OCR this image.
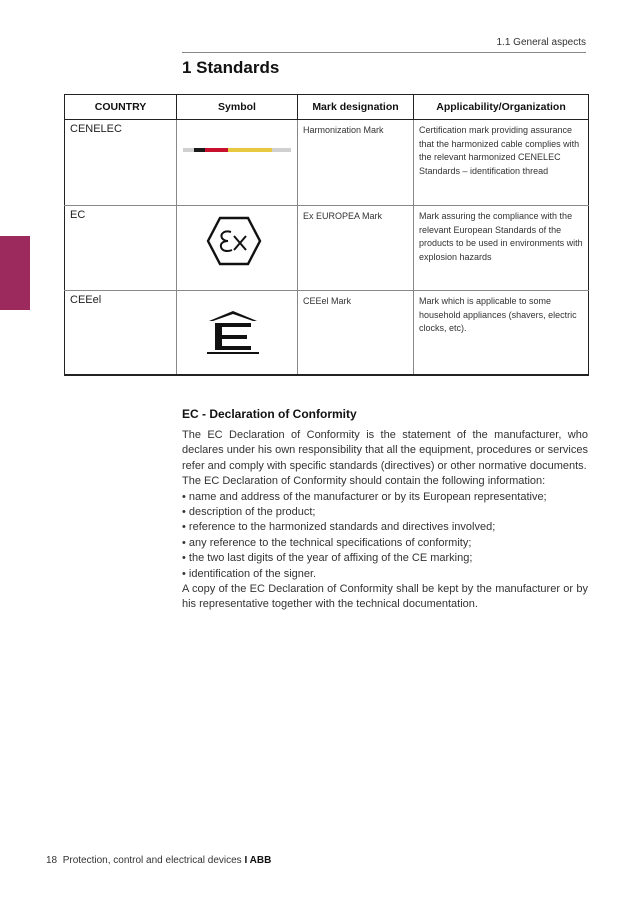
1.1 General aspects
1 Standards
COUNTRY	Symbol	Mark designation	Applicability/Organization
CENELEC		Harmonization Mark	Certification mark providing assurance that the harmonized cable complies with the relevant harmonized CENELEC Standards – identification thread
EC		Ex EUROPEA Mark	Mark assuring the compliance with the relevant European Standards of the products to be used in environments with explosion hazards
CEEel		CEEel Mark	Mark which is applicable to some household appliances (shavers, electric clocks, etc).
EC - Declaration of Conformity

The EC Declaration of Conformity is the statement of the manufacturer, who declares under his own responsibility that all the equipment, procedures or services refer and comply with specific standards (directives) or other normative documents.

The EC Declaration of Conformity should contain the following information:

• name and address of the manufacturer or by its European representative;

• description of the product;

• reference to the harmonized standards and directives involved;

• any reference to the technical specifications of conformity;

• the two last digits of the year of affixing of the CE marking;

• identification of the signer.

A copy of the EC Declaration of Conformity shall be kept by the manufacturer or by his representative together with the technical documentation.

18 Protection, control and electrical devices I ABB
